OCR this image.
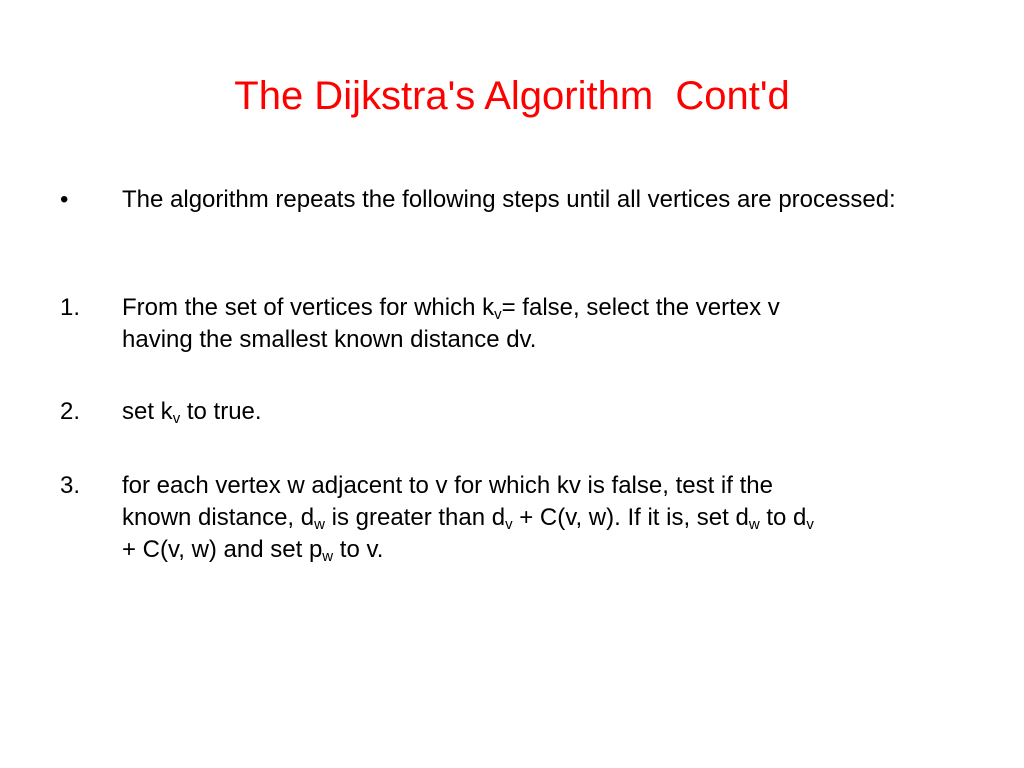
The Dijkstra's Algorithm  Cont'd
• The algorithm repeats the following steps until all vertices are processed:
1. From the set of vertices for which $k_v=$ false, select the vertex v
having the smallest known distance dv.
2. set $k_v$ to true.
3. for each vertex w adjacent to v for which kv is false, test if the
known distance, $d_w$ is greater than $d_v + C(v$, w). If it is, set $d_w$ to $d_v$
+ C(v, w) and set $p_w$ to v.
